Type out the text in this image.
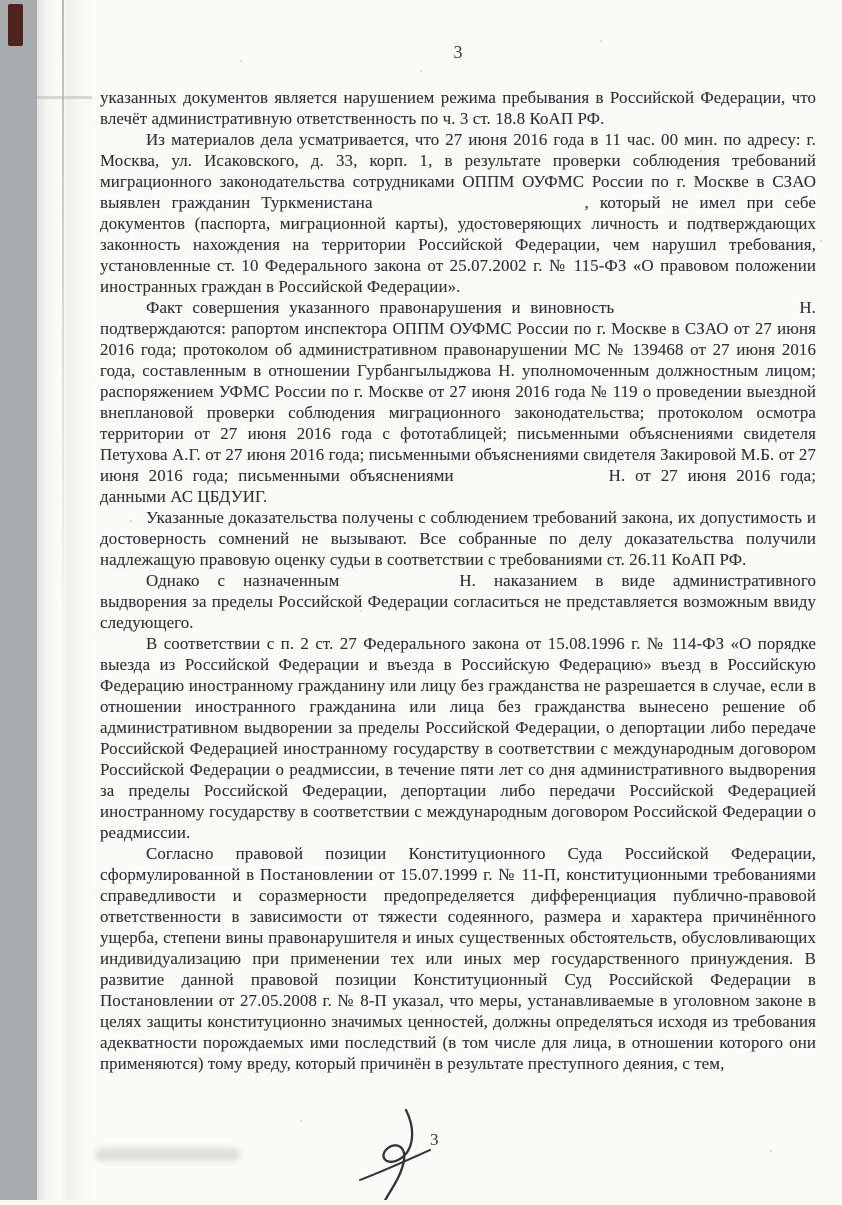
3

указанных документов является нарушением режима пребывания в Российской Федерации, что влечёт административную ответственность по ч. 3 ст. 18.8 КоАП РФ.

Из материалов дела усматривается, что 27 июня 2016 года в 11 час. 00 мин. по адресу: г. Москва, ул. Исаковского, д. 33, корп. 1, в результате проверки соблюдения требований миграционного законодательства сотрудниками ОППМ ОУФМС России по г. Москве в СЗАО выявлен гражданин Туркменистана	, который не имел при себе документов (паспорта, миграционной карты), удостоверяющих личность и подтверждающих законность нахождения на территории Российской Федерации, чем нарушил требования, установленные ст. 10 Федерального закона от 25.07.2002 г. № 115-ФЗ «О правовом положении иностранных граждан в Российской Федерации».

Факт совершения указанного правонарушения и виновность	Н. подтверждаются: рапортом инспектора ОППМ ОУФМС России по г. Москве в СЗАО от 27 июня 2016 года; протоколом об административном правонарушении МС № 139468 от 27 июня 2016 года, составленным в отношении Гурбангылыджова Н. уполномоченным должностным лицом; распоряжением УФМС России по г. Москве от 27 июня 2016 года № 119 о проведении выездной внеплановой проверки соблюдения миграционного законодательства; протоколом осмотра территории от 27 июня 2016 года с фототаблицей; письменными объяснениями свидетеля Петухова А.Г. от 27 июня 2016 года; письменными объяснениями свидетеля Закировой М.Б. от 27 июня 2016 года; письменными объяснениями	Н. от 27 июня 2016 года; данными АС ЦБДУИГ.

Указанные доказательства получены с соблюдением требований закона, их допустимость и достоверность сомнений не вызывают. Все собранные по делу доказательства получили надлежащую правовую оценку судьи в соответствии с требованиями ст. 26.11 КоАП РФ.

Однако с назначенным	Н. наказанием в виде административного выдворения за пределы Российской Федерации согласиться не представляется возможным ввиду следующего.

В соответствии с п. 2 ст. 27 Федерального закона от 15.08.1996 г. № 114-ФЗ «О порядке выезда из Российской Федерации и въезда в Российскую Федерацию» въезд в Российскую Федерацию иностранному гражданину или лицу без гражданства не разрешается в случае, если в отношении иностранного гражданина или лица без гражданства вынесено решение об административном выдворении за пределы Российской Федерации, о депортации либо передаче Российской Федерацией иностранному государству в соответствии с международным договором Российской Федерации о реадмиссии, в течение пяти лет со дня административного выдворения за пределы Российской Федерации, депортации либо передачи Российской Федерацией иностранному государству в соответствии с международным договором Российской Федерации о реадмиссии.

Согласно правовой позиции Конституционного Суда Российской Федерации, сформулированной в Постановлении от 15.07.1999 г. № 11-П, конституционными требованиями справедливости и соразмерности предопределяется дифференциация публично-правовой ответственности в зависимости от тяжести содеянного, размера и характера причинённого ущерба, степени вины правонарушителя и иных существенных обстоятельств, обусловливающих индивидуализацию при применении тех или иных мер государственного принуждения. В развитие данной правовой позиции Конституционный Суд Российской Федерации в Постановлении от 27.05.2008 г. № 8-П указал, что меры, устанавливаемые в уголовном законе в целях защиты конституционно значимых ценностей, должны определяться исходя из требования адекватности порождаемых ими последствий (в том числе для лица, в отношении которого они применяются) тому вреду, который причинён в результате преступного деяния, с тем,

3
